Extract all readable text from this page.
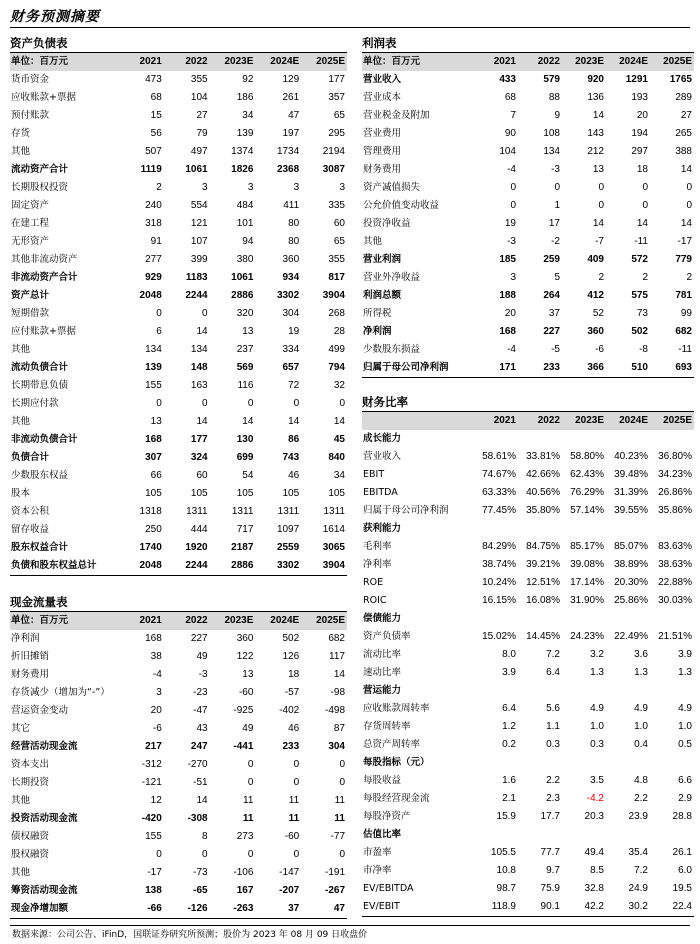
财务预测摘要
资产负债表
单位：百万元	2021	2022	2023E	2024E	2025E
货币资金	473	355	92	129	177
应收账款+票据	68	104	186	261	357
预付账款	15	27	34	47	65
存货	56	79	139	197	295
其他	507	497	1374	1734	2194
流动资产合计	1119	1061	1826	2368	3087
长期股权投资	2	3	3	3	3
固定资产	240	554	484	411	335
在建工程	318	121	101	80	60
无形资产	91	107	94	80	65
其他非流动资产	277	399	380	360	355
非流动资产合计	929	1183	1061	934	817
资产总计	2048	2244	2886	3302	3904
短期借款	0	0	320	304	268
应付账款+票据	6	14	13	19	28
其他	134	134	237	334	499
流动负债合计	139	148	569	657	794
长期带息负债	155	163	116	72	32
长期应付款	0	0	0	0	0
其他	13	14	14	14	14
非流动负债合计	168	177	130	86	45
负债合计	307	324	699	743	840
少数股东权益	66	60	54	46	34
股本	105	105	105	105	105
资本公积	1318	1311	1311	1311	1311
留存收益	250	444	717	1097	1614
股东权益合计	1740	1920	2187	2559	3065
负债和股东权益总计	2048	2244	2886	3302	3904
利润表
单位：百万元	2021	2022	2023E	2024E	2025E
营业收入	433	579	920	1291	1765
营业成本	68	88	136	193	289
营业税金及附加	7	9	14	20	27
营业费用	90	108	143	194	265
管理费用	104	134	212	297	388
财务费用	-4	-3	13	18	14
资产减值损失	0	0	0	0	0
公允价值变动收益	0	1	0	0	0
投资净收益	19	17	14	14	14
其他	-3	-2	-7	-11	-17
营业利润	185	259	409	572	779
营业外净收益	3	5	2	2	2
利润总额	188	264	412	575	781
所得税	20	37	52	73	99
净利润	168	227	360	502	682
少数股东损益	-4	-5	-6	-8	-11
归属于母公司净利润	171	233	366	510	693
财务比率
	2021	2022	2023E	2024E	2025E
成长能力					
营业收入	58.61%	33.81%	58.80%	40.23%	36.80%
EBIT	74.67%	42.66%	62.43%	39.48%	34.23%
EBITDA	63.33%	40.56%	76.29%	31.39%	26.86%
归属于母公司净利润	77.45%	35.80%	57.14%	39.55%	35.86%
获利能力					
毛利率	84.29%	84.75%	85.17%	85.07%	83.63%
净利率	38.74%	39.21%	39.08%	38.89%	38.63%
ROE	10.24%	12.51%	17.14%	20.30%	22.88%
ROIC	16.15%	16.08%	31.90%	25.86%	30.03%
偿债能力					
资产负债率	15.02%	14.45%	24.23%	22.49%	21.51%
流动比率	8.0	7.2	3.2	3.6	3.9
速动比率	3.9	6.4	1.3	1.3	1.3
营运能力					
应收账款周转率	6.4	5.6	4.9	4.9	4.9
存货周转率	1.2	1.1	1.0	1.0	1.0
总资产周转率	0.2	0.3	0.3	0.4	0.5
每股指标（元）					
每股收益	1.6	2.2	3.5	4.8	6.6
每股经营现金流	2.1	2.3	-4.2	2.2	2.9
每股净资产	15.9	17.7	20.3	23.9	28.8
估值比率					
市盈率	105.5	77.7	49.4	35.4	26.1
市净率	10.8	9.7	8.5	7.2	6.0
EV/EBITDA	98.7	75.9	32.8	24.9	19.5
EV/EBIT	118.9	90.1	42.2	30.2	22.4
现金流量表
单位：百万元	2021	2022	2023E	2024E	2025E
净利润	168	227	360	502	682
折旧摊销	38	49	122	126	117
财务费用	-4	-3	13	18	14
存货减少（增加为“-”）	3	-23	-60	-57	-98
营运资金变动	20	-47	-925	-402	-498
其它	-6	43	49	46	87
经营活动现金流	217	247	-441	233	304
资本支出	-312	-270	0	0	0
长期投资	-121	-51	0	0	0
其他	12	14	11	11	11
投资活动现金流	-420	-308	11	11	11
债权融资	155	8	273	-60	-77
股权融资	0	0	0	0	0
其他	-17	-73	-106	-147	-191
筹资活动现金流	138	-65	167	-207	-267
现金净增加额	-66	-126	-263	37	47
数据来源：公司公告、iFinD，国联证券研究所预测；股价为 2023 年 08 月 09 日收盘价
